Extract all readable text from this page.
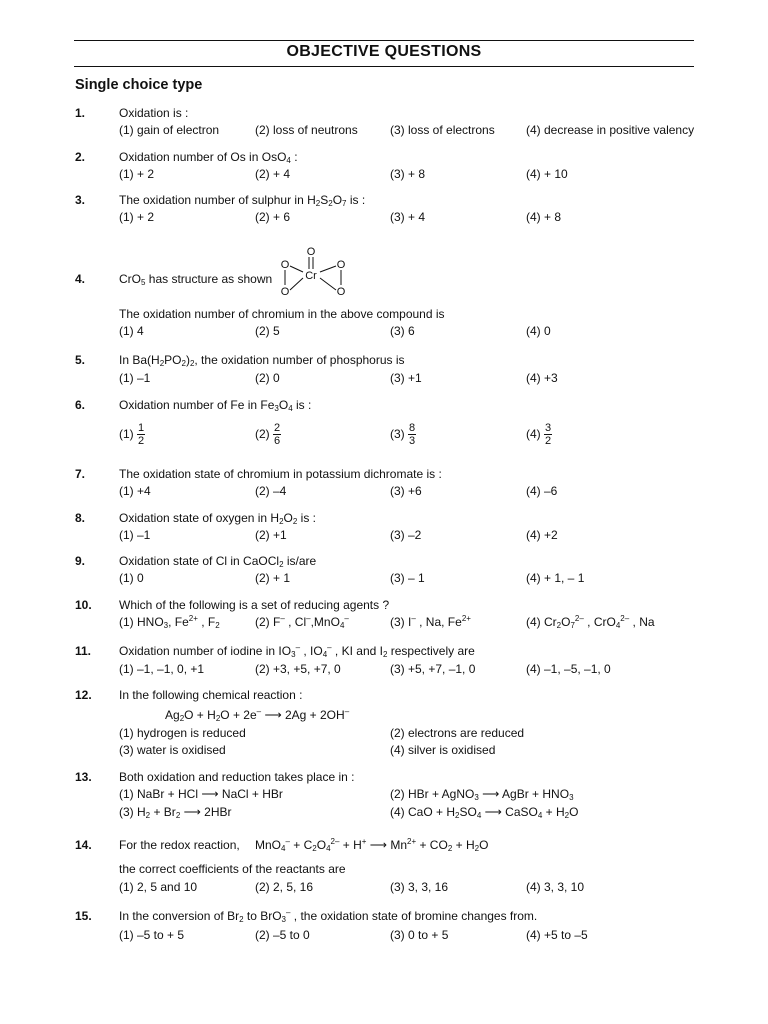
OBJECTIVE QUESTIONS
Single choice type
1.	Oxidation is :
(1) gain of electron	(2) loss of neutrons	(3) loss of electrons	(4) decrease in positive valency
2.	Oxidation number of Os in OsO$_4$ :
(1) + 2	(2) + 4	(3) + 8	(4) + 10
3.	The oxidation number of sulphur in $H_2S_2O_7$ is :
(1) + 2	(2) + 6	(3) + 4	(4) + 8
4.	CrO$_5$ has structure as shown
O
O
Cr
O
O	O
The oxidation number of chromium in the above compound is
(1) 4	(2) 5	(3) 6	(4) 0
5.	In $Ba(H_2PO_2)_2$, the oxidation number of phosphorus is
(1) –1	(2) 0	(3) +1	(4) +3
6.	Oxidation number of Fe in $Fe_3O_4$ is :
$(1) \frac{1}{2}$	$(2) \frac{2}{6}$	$(3) \frac{8}{3}$	$(4) \frac{3}{2}$
7.	The oxidation state of chromium in potassium dichromate is :
(1) +4	(2) –4	(3) +6	(4) –6
8.	Oxidation state of oxygen in $H_2O_2$ is :
(1) –1	(2) +1	(3) –2	(4) +2
9.	Oxidation state of Cl in CaOCl$_2$ is/are
(1) 0	(2) + 1	(3) – 1	(4) + 1, – 1
10. Which of the following is a set of reducing agents ?
(1) $HNO_3$, $Fe^{2+}$ , $F_2$	(2) F– , Cl–,MnO$_4$–	(3) I– , Na, $Fe^{2+}$	(4) $Cr_2O_7^{2-}$ , CrO$_4^{2-}$ , Na
11. Oxidation number of iodine in $IO_3^-$ , $IO_4^-$ , KI and $I_2$ respectively are
(1) –1, –1, 0, +1	(2) +3, +5, +7, 0	(3) +5, +7, –1, 0	(4) –1, –5, –1, 0
12. In the following chemical reaction :
$Ag_2O + H_2O + 2e^-$ ⟶ 2Ag + 2OH–
(1) hydrogen is reduced	(2) electrons are reduced
(3) water is oxidised	(4) silver is oxidised
13. Both oxidation and reduction takes place in :
(1) NaBr + HCl ⟶ NaCl + HBr	(2) HBr + AgNO$_3$ ⟶ AgBr + $HNO_3$
(3) $H_2 + Br_2$ ⟶ 2HBr	(4) CaO + $H_2SO_4$ ⟶ CaSO$_4$ + $H_2O$
14. For the redox reaction, $MnO_4^- + C_2O_4^{2-} + H^+$ ⟶ $Mn^{2+} + CO_2 + H_2O$
the correct coefficients of the reactants are
(1) 2, 5 and 10	(2) 2, 5, 16	(3) 3, 3, 16	(4) 3, 3, 10
15. In the conversion of $Br_2$ to BrO$_3$– , the oxidation state of bromine changes from.
(1) –5 to + 5	(2) –5 to 0	(3) 0 to + 5	(4) +5 to –5
